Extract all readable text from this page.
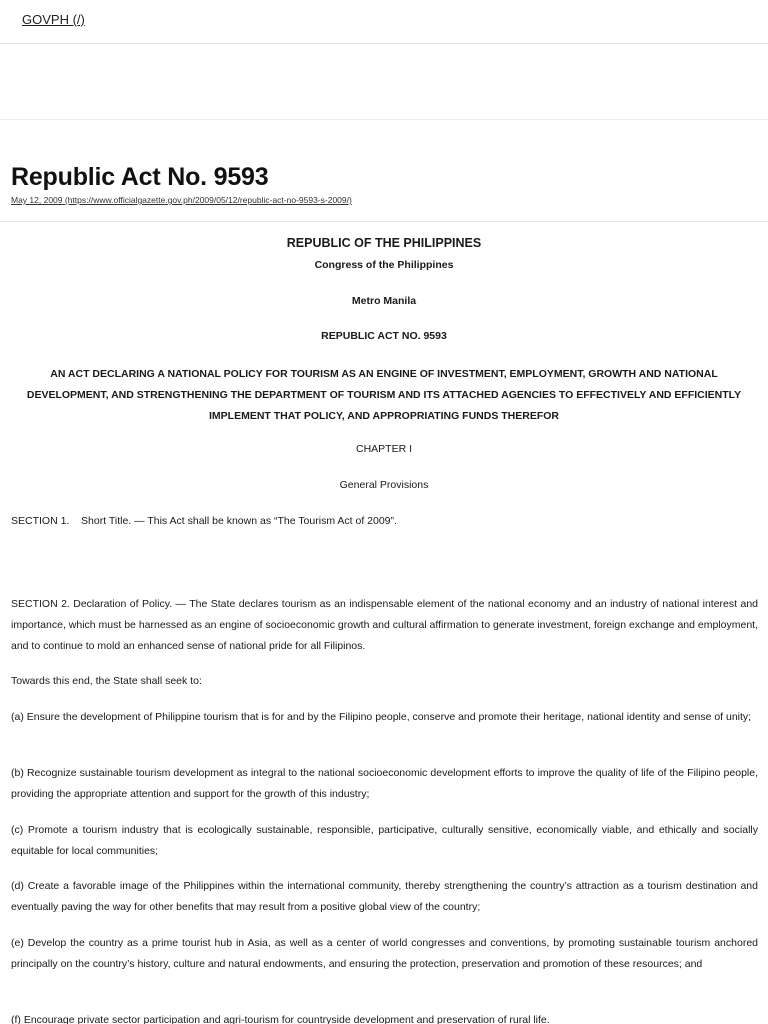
GOVPH (/)
Republic Act No. 9593
May 12, 2009 (https://www.officialgazette.gov.ph/2009/05/12/republic-act-no-9593-s-2009/)
REPUBLIC OF THE PHILIPPINES
Congress of the Philippines
Metro Manila
REPUBLIC ACT NO. 9593
AN ACT DECLARING A NATIONAL POLICY FOR TOURISM AS AN ENGINE OF INVESTMENT, EMPLOYMENT, GROWTH AND NATIONAL DEVELOPMENT, AND STRENGTHENING THE DEPARTMENT OF TOURISM AND ITS ATTACHED AGENCIES TO EFFECTIVELY AND EFFICIENTLY IMPLEMENT THAT POLICY, AND APPROPRIATING FUNDS THEREFOR
CHAPTER I
General Provisions

SECTION 1.    Short Title. — This Act shall be known as “The Tourism Act of 2009”.

SECTION 2. Declaration of Policy. — The State declares tourism as an indispensable element of the national economy and an industry of national interest and importance, which must be harnessed as an engine of socioeconomic growth and cultural affirmation to generate investment, foreign exchange and employment, and to continue to mold an enhanced sense of national pride for all Filipinos.

Towards this end, the State shall seek to:

(a) Ensure the development of Philippine tourism that is for and by the Filipino people, conserve and promote their heritage, national identity and sense of unity;

(b) Recognize sustainable tourism development as integral to the national socioeconomic development efforts to improve the quality of life of the Filipino people, providing the appropriate attention and support for the growth of this industry;

(c) Promote a tourism industry that is ecologically sustainable, responsible, participative, culturally sensitive, economically viable, and ethically and socially equitable for local communities;

(d) Create a favorable image of the Philippines within the international community, thereby strengthening the country’s attraction as a tourism destination and eventually paving the way for other benefits that may result from a positive global view of the country;

(e) Develop the country as a prime tourist hub in Asia, as well as a center of world congresses and conventions, by promoting sustainable tourism anchored principally on the country’s history, culture and natural endowments, and ensuring the protection, preservation and promotion of these resources; and

(f) Encourage private sector participation and agri-tourism for countryside development and preservation of rural life.
